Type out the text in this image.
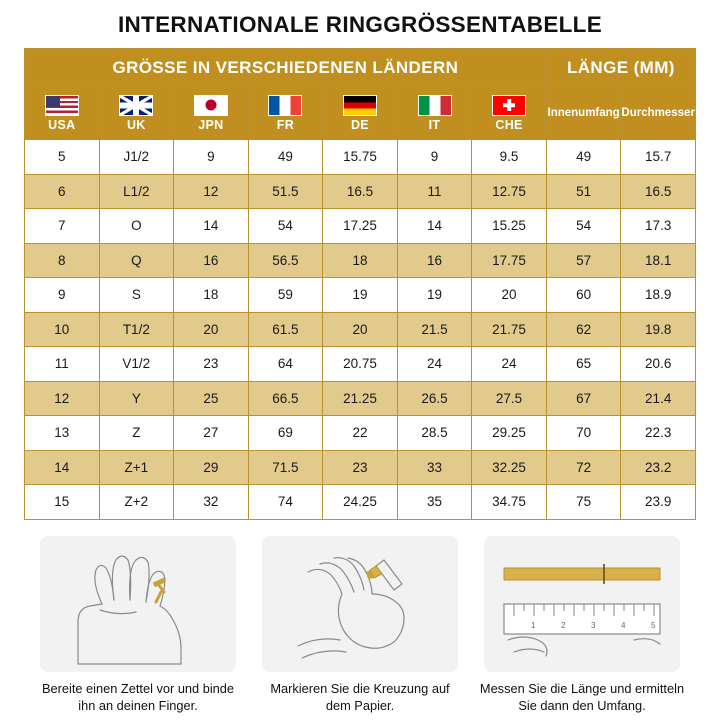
INTERNATIONALE RINGGRÖSSENTABELLE
GRÖSSE IN VERSCHIEDENEN LÄNDERN							LÄNGE (MM)	

USA	UK	JPN	FR	DE	IT	CHE	Innenumfang	Durchmesser
5	J1/2	9	49	15.75	9	9.5	49	15.7
6	L1/2	12	51.5	16.5	11	12.75	51	16.5
7	O	14	54	17.25	14	15.25	54	17.3
8	Q	16	56.5	18	16	17.75	57	18.1
9	S	18	59	19	19	20	60	18.9
10	T1/2	20	61.5	20	21.5	21.75	62	19.8
11	V1/2	23	64	20.75	24	24	65	20.6
12	Y	25	66.5	21.25	26.5	27.5	67	21.4
13	Z	27	69	22	28.5	29.25	70	22.3
14	Z+1	29	71.5	23	33	32.25	72	23.2
15	Z+2	32	74	24.25	35	34.75	75	23.9
Bereite einen Zettel vor und binde ihn an deinen Finger.
Markieren Sie die Kreuzung auf dem Papier.
1	2	3	4	5
Messen Sie die Länge und ermitteln Sie dann den Umfang.
